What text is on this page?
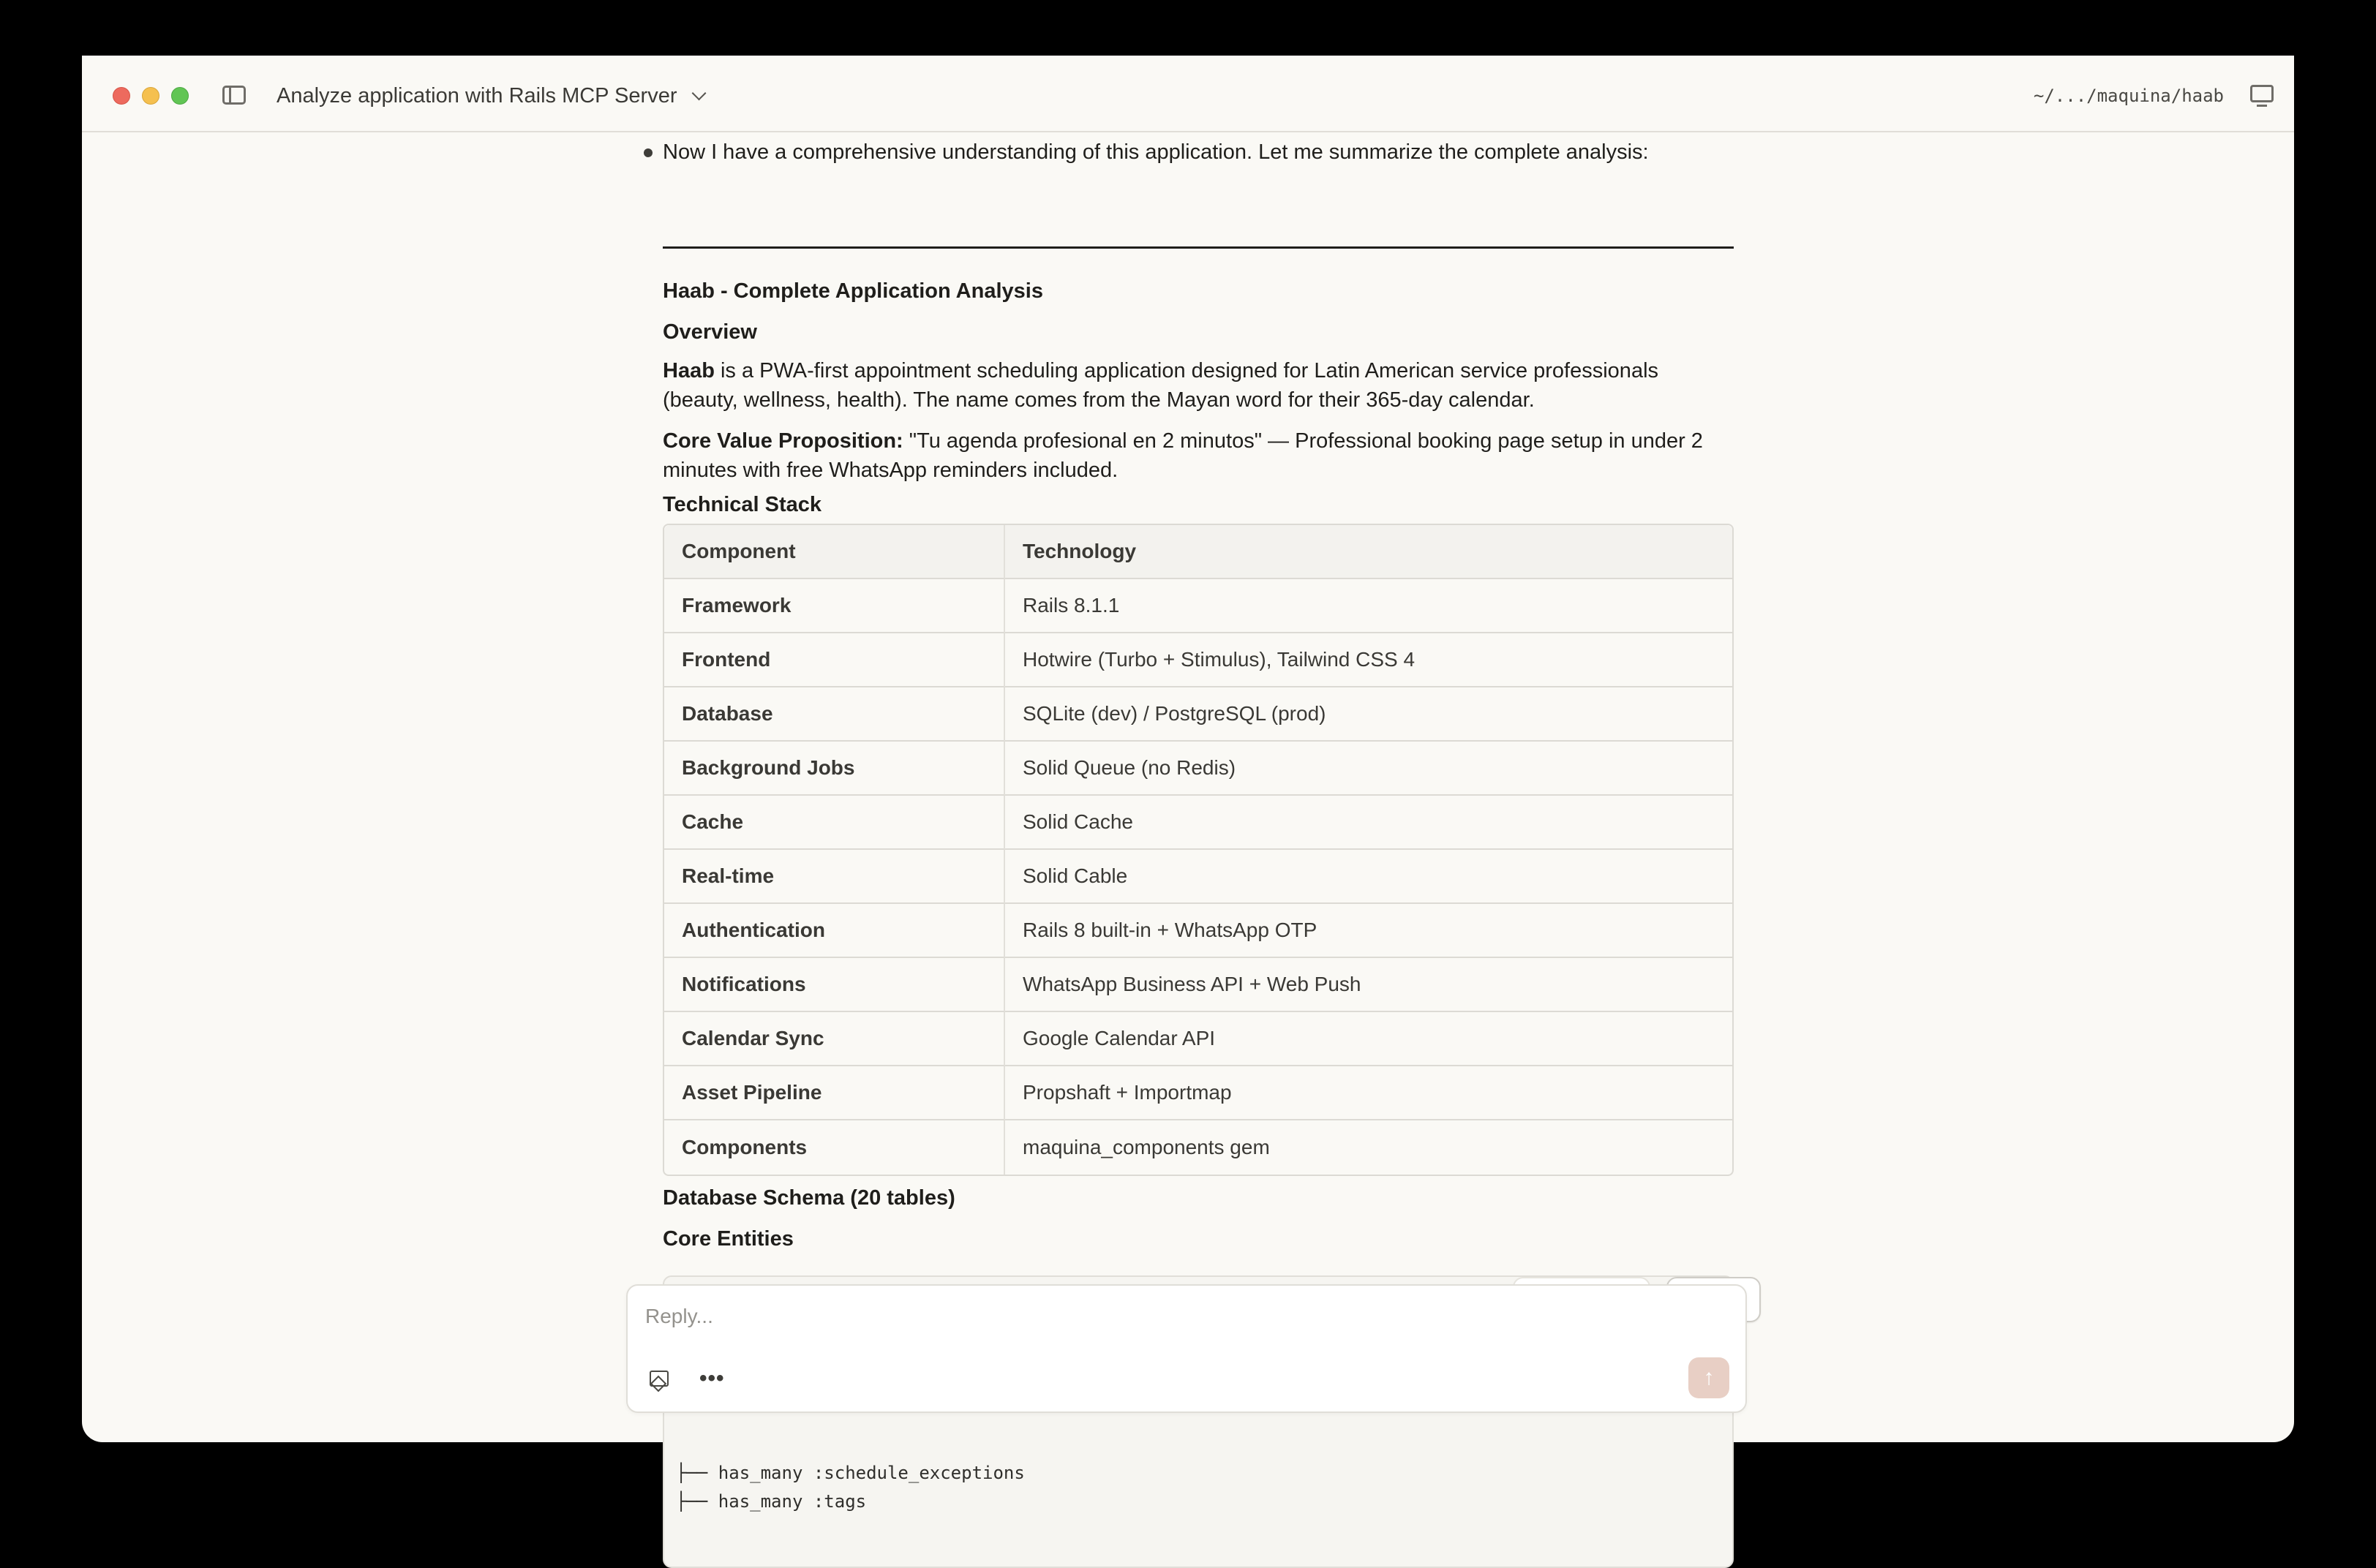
Analyze application with Rails MCP Server	~/.../maquina/haab
Now I have a comprehensive understanding of this application. Let me summarize the complete analysis:
Haab - Complete Application Analysis
Overview
Haab is a PWA-first appointment scheduling application designed for Latin American service professionals (beauty, wellness, health). The name comes from the Mayan word for their 365-day calendar.
Core Value Proposition: "Tu agenda profesional en 2 minutos" — Professional booking page setup in under 2 minutes with free WhatsApp reminders included.
Technical Stack
Component	Technology
Framework	Rails 8.1.1
Frontend	Hotwire (Turbo + Stimulus), Tailwind CSS 4
Database	SQLite (dev) / PostgreSQL (prod)
Background Jobs	Solid Queue (no Redis)
Cache	Solid Cache
Real-time	Solid Cable
Authentication	Rails 8 built-in + WhatsApp OTP
Notifications	WhatsApp Business API + Web Push
Calendar Sync	Google Calendar API
Asset Pipeline	Propshaft + Importmap
Components	maquina_components gem
Database Schema (20 tables)
Core Entities
├── has_many :schedule_exceptions
├── has_many :tags
✕
>
Reply...
•••	↑
